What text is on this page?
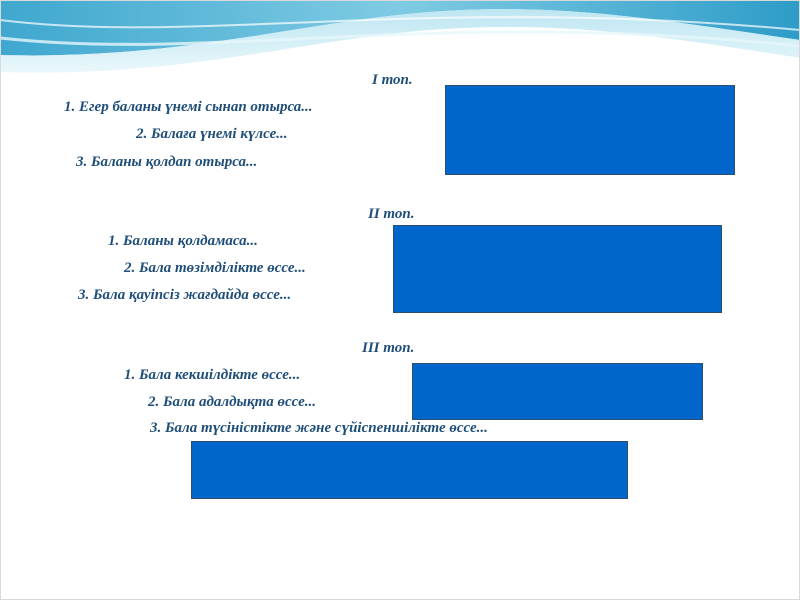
I топ.

1. Егер баланы үнемі сынап отырса...

2. Балаға үнемі күлсе...

3. Баланы қолдап отырса...

II топ.

1. Баланы қолдамаса...

2. Бала төзімділікте өссе...

3. Бала қауіпсіз жағдайда өссе...

III топ.

1. Бала кекшілдікте өссе...

2. Бала адалдықта өссе...

3. Бала түсіністікте және сүйіспеншілікте өссе...
